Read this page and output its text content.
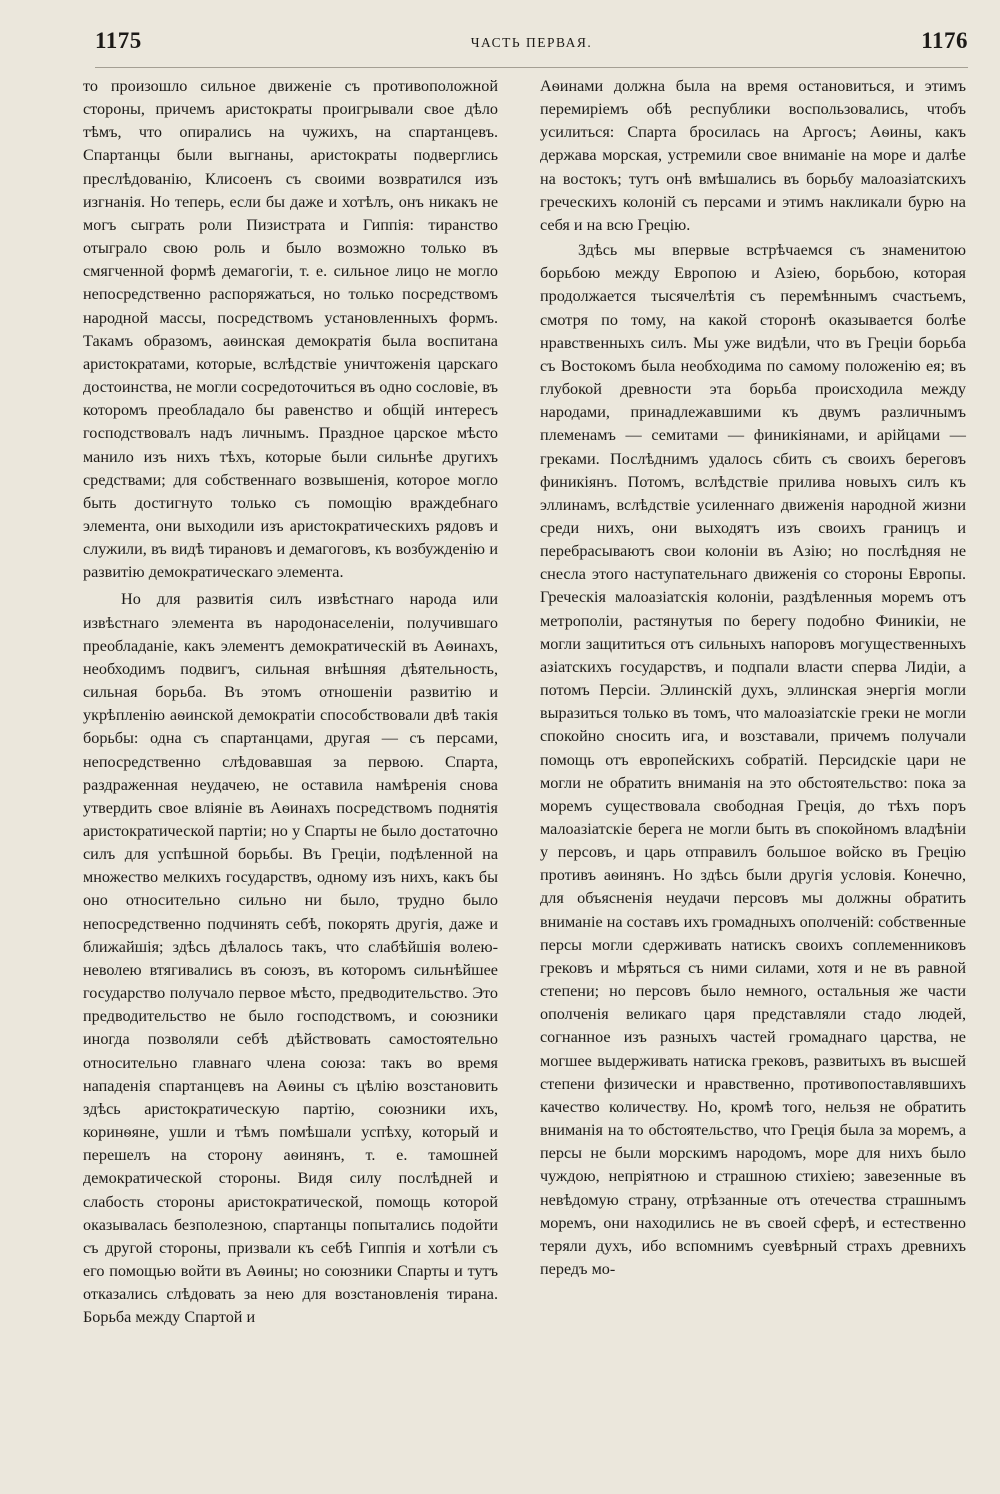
1175	ЧАСТЬ ПЕРВАЯ.	1176

то произошло сильное движеніе съ противоположной стороны, причемъ аристократы проигрывали свое дѣло тѣмъ, что опирались на чужихъ, на спартанцевъ. Спартанцы были выгнаны, аристократы подверглись преслѣдованію, Клисоенъ съ своими возвратился изъ изгнанія. Но теперь, если бы даже и хотѣлъ, онъ никакъ не могъ сыграть роли Пизистрата и Гиппія: тиранство отыграло свою роль и было возможно только въ смягченной формѣ демагогіи, т. е. сильное лицо не могло непосредственно распоряжаться, но только посредствомъ народной массы, посредствомъ установленныхъ формъ. Такамъ образомъ, аѳинская демократія была воспитана аристократами, которые, вслѣдствіе уничтоженія царскаго достоинства, не могли сосредоточиться въ одно сословіе, въ которомъ преобладало бы равенство и общій интересъ господствовалъ надъ личнымъ. Праздное царское мѣсто манило изъ нихъ тѣхъ, которые были сильнѣе другихъ средствами; для собственнаго возвышенія, которое могло быть достигнуто только съ помощію враждебнаго элемента, они выходили изъ аристократическихъ рядовъ и служили, въ видѣ тирановъ и демагоговъ, къ возбужденію и развитію демократическаго элемента.

Но для развитія силъ извѣстнаго народа или извѣстнаго элемента въ народонаселеніи, получившаго преобладаніе, какъ элементъ демократическій въ Аѳинахъ, необходимъ подвигъ, сильная внѣшняя дѣятельность, сильная борьба. Въ этомъ отношеніи развитію и укрѣпленію аѳинской демократіи способствовали двѣ такія борьбы: одна съ спартанцами, другая — съ персами, непосредственно слѣдовавшая за первою. Спарта, раздраженная неудачею, не оставила намѣренія снова утвердить свое вліяніе въ Аѳинахъ посредствомъ поднятія аристократической партіи; но у Спарты не было достаточно силъ для успѣшной борьбы. Въ Греціи, подѣленной на множество мелкихъ государствъ, одному изъ нихъ, какъ бы оно относительно сильно ни было, трудно было непосредственно подчинять себѣ, покорять другія, даже и ближайшія; здѣсь дѣлалось такъ, что слабѣйшія волею-неволею втягивались въ союзъ, въ которомъ сильнѣйшее государство получало первое мѣсто, предводительство. Это предводительство не было господствомъ, и союзники иногда позволяли себѣ дѣйствовать самостоятельно относительно главнаго члена союза: такъ во время нападенія спартанцевъ на Аѳины съ цѣлію возстановить здѣсь аристократическую партію, союзники ихъ, коринѳяне, ушли и тѣмъ помѣшали успѣху, который и перешелъ на сторону аѳинянъ, т. е. тамошней демократической стороны. Видя силу послѣдней и слабость стороны аристократической, помощь которой оказывалась безполезною, спартанцы попытались подойти съ другой стороны, призвали къ себѣ Гиппія и хотѣли съ его помощью войти въ Аѳины; но союзники Спарты и тутъ отказались слѣдовать за нею для возстановленія тирана. Борьба между Спартой и

Аѳинами должна была на время остановиться, и этимъ перемиріемъ обѣ республики воспользовались, чтобъ усилиться: Спарта бросилась на Аргосъ; Аѳины, какъ держава морская, устремили свое вниманіе на море и далѣе на востокъ; тутъ онѣ вмѣшались въ борьбу малоазіатскихъ греческихъ колоній съ персами и этимъ накликали бурю на себя и на всю Грецію.

Здѣсь мы впервые встрѣчаемся съ знаменитою борьбою между Европою и Азіею, борьбою, которая продолжается тысячелѣтія съ перемѣннымъ счастьемъ, смотря по тому, на какой сторонѣ оказывается болѣе нравственныхъ силъ. Мы уже видѣли, что въ Греціи борьба съ Востокомъ была необходима по самому положенію ея; въ глубокой древности эта борьба происходила между народами, принадлежавшими къ двумъ различнымъ племенамъ — семитами — финикіянами, и арійцами — греками. Послѣднимъ удалось сбить съ своихъ береговъ финикіянъ. Потомъ, вслѣдствіе прилива новыхъ силъ къ эллинамъ, вслѣдствіе усиленнаго движенія народной жизни среди нихъ, они выходятъ изъ своихъ границъ и перебрасываютъ свои колоніи въ Азію; но послѣдняя не снесла этого наступательнаго движенія со стороны Европы. Греческія малоазіатскія колоніи, раздѣленныя моремъ отъ метрополіи, растянутыя по берегу подобно Финикіи, не могли защититься отъ сильныхъ напоровъ могущественныхъ азіатскихъ государствъ, и подпали власти сперва Лидіи, а потомъ Персіи. Эллинскій духъ, эллинская энергія могли выразиться только въ томъ, что малоазіатскіе греки не могли спокойно сносить ига, и возставали, причемъ получали помощь отъ европейскихъ собратій. Персидскіе цари не могли не обратить вниманія на это обстоятельство: пока за моремъ существовала свободная Греція, до тѣхъ поръ малоазіатскіе берега не могли быть въ спокойномъ владѣніи у персовъ, и царь отправилъ большое войско въ Грецію противъ аѳинянъ. Но здѣсь были другія условія. Конечно, для объясненія неудачи персовъ мы должны обратить вниманіе на составъ ихъ громадныхъ ополченій: собственные персы могли сдерживать натискъ своихъ соплеменниковъ грековъ и мѣряться съ ними силами, хотя и не въ равной степени; но персовъ было немного, остальныя же части ополченія великаго царя представляли стадо людей, согнанное изъ разныхъ частей громаднаго царства, не могшее выдерживать натиска грековъ, развитыхъ въ высшей степени физически и нравственно, противопоставлявшихъ качество количеству. Но, кромѣ того, нельзя не обратить вниманія на то обстоятельство, что Греція была за моремъ, а персы не были морскимъ народомъ, море для нихъ было чуждою, непріятною и страшною стихіею; завезенные въ невѣдомую страну, отрѣзанные отъ отечества страшнымъ моремъ, они находились не въ своей сферѣ, и естественно теряли духъ, ибо вспомнимъ суевѣрный страхъ древнихъ передъ мо-
